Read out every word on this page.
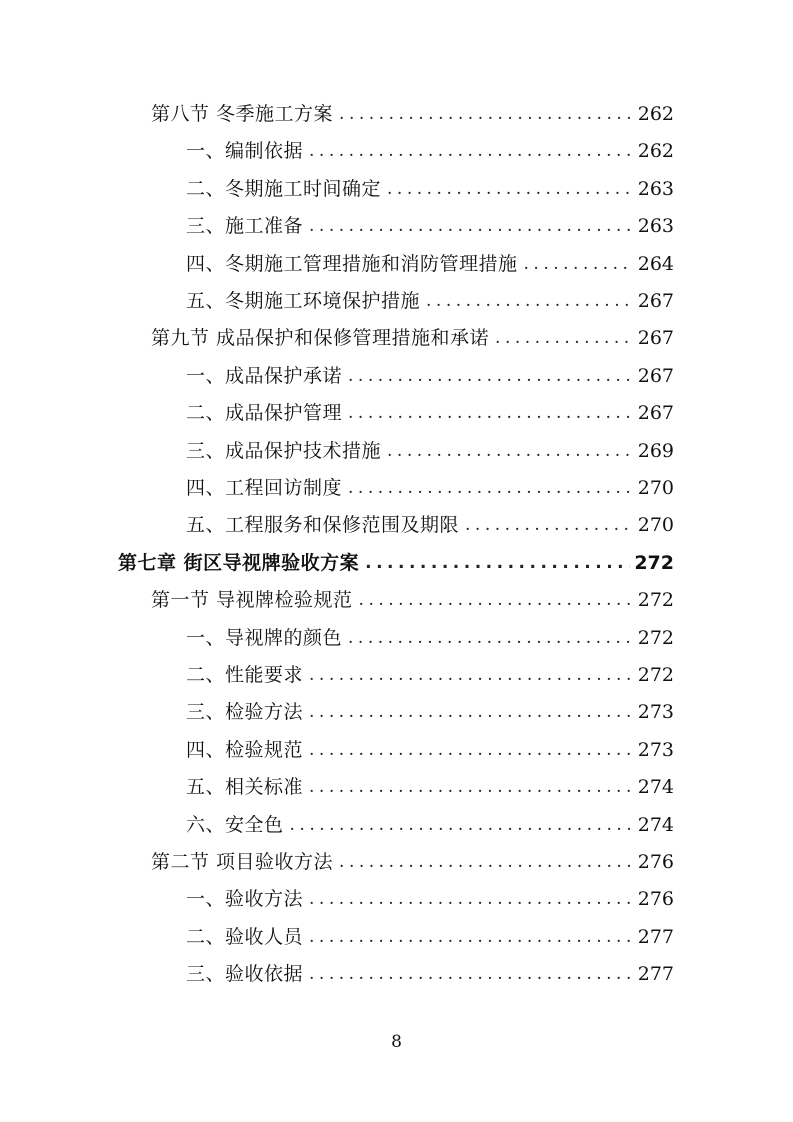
第八节 冬季施工方案 .....	262
一、编制依据 .....	262
二、冬期施工时间确定 .....	263
三、施工准备 .....	263
四、冬期施工管理措施和消防管理措施 .....	264
五、冬期施工环境保护措施 .....	267
第九节 成品保护和保修管理措施和承诺 .....	267
一、成品保护承诺 .....	267
二、成品保护管理 .....	267
三、成品保护技术措施 .....	269
四、工程回访制度 .....	270
五、工程服务和保修范围及期限 .....	270
第七章 街区导视牌验收方案 .....	272
第一节 导视牌检验规范 .....	272
一、导视牌的颜色 .....	272
二、性能要求 .....	272
三、检验方法 .....	273
四、检验规范 .....	273
五、相关标准 .....	274
六、安全色 .....	274
第二节 项目验收方法 .....	276
一、验收方法 .....	276
二、验收人员 .....	277
三、验收依据 .....	277
8
